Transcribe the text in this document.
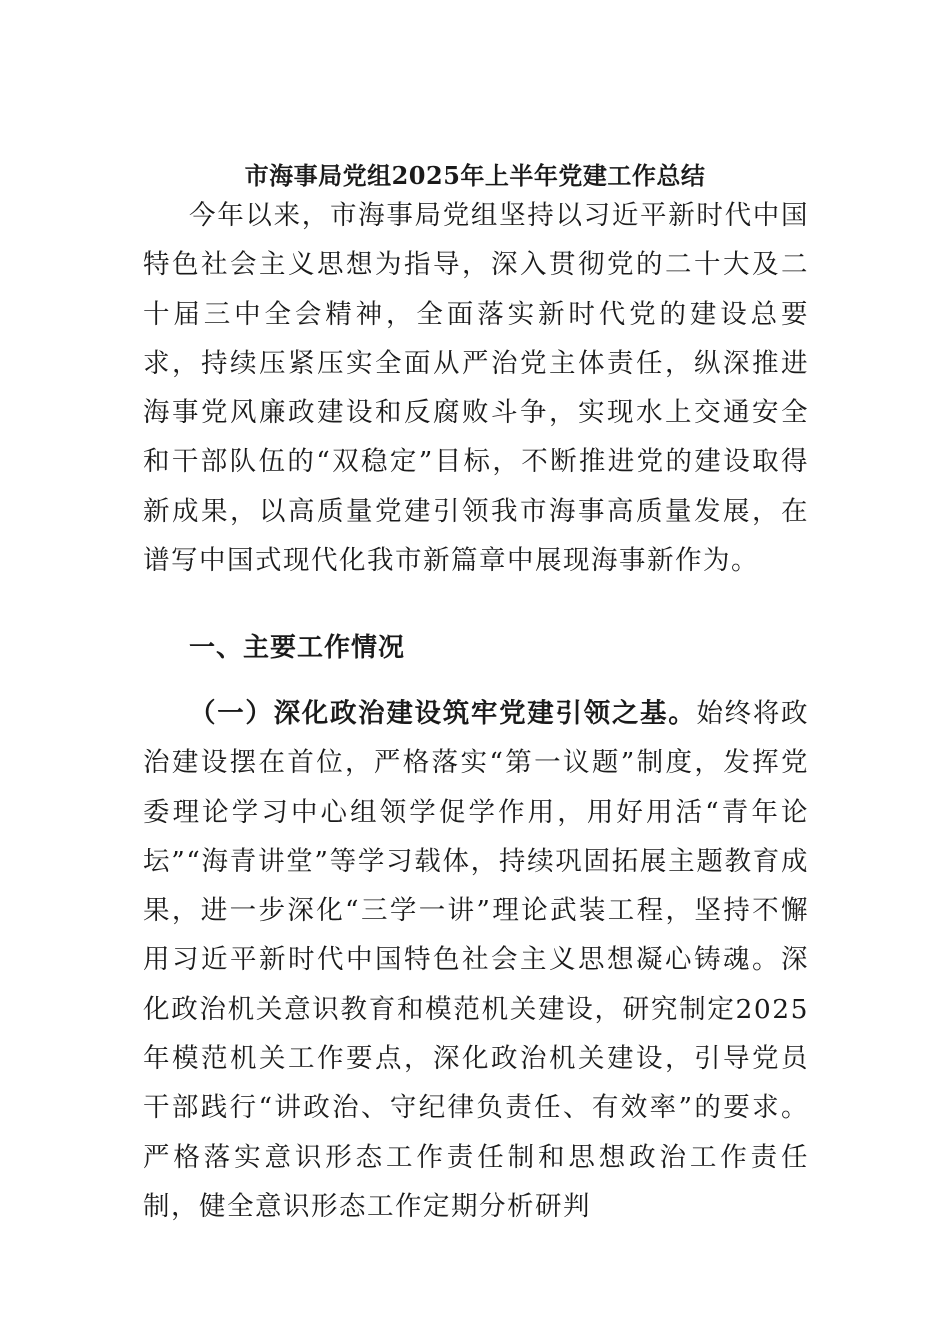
市海事局党组2025年上半年党建工作总结
今年以来，市海事局党组坚持以习近平新时代中国特色社会主义思想为指导，深入贯彻党的二十大及二十届三中全会精神，全面落实新时代党的建设总要求，持续压紧压实全面从严治党主体责任，纵深推进海事党风廉政建设和反腐败斗争，实现水上交通安全和干部队伍的“双稳定”目标，不断推进党的建设取得新成果，以高质量党建引领我市海事高质量发展，在谱写中国式现代化我市新篇章中展现海事新作为。
一、主要工作情况
（一）深化政治建设筑牢党建引领之基。始终将政治建设摆在首位，严格落实“第一议题”制度，发挥党委理论学习中心组领学促学作用，用好用活“青年论坛”“海青讲堂”等学习载体，持续巩固拓展主题教育成果，进一步深化“三学一讲”理论武装工程，坚持不懈用习近平新时代中国特色社会主义思想凝心铸魂。深化政治机关意识教育和模范机关建设，研究制定2025年模范机关工作要点，深化政治机关建设，引导党员干部践行“讲政治、守纪律负责任、有效率”的要求。严格落实意识形态工作责任制和思想政治工作责任制，健全意识形态工作定期分析研判
